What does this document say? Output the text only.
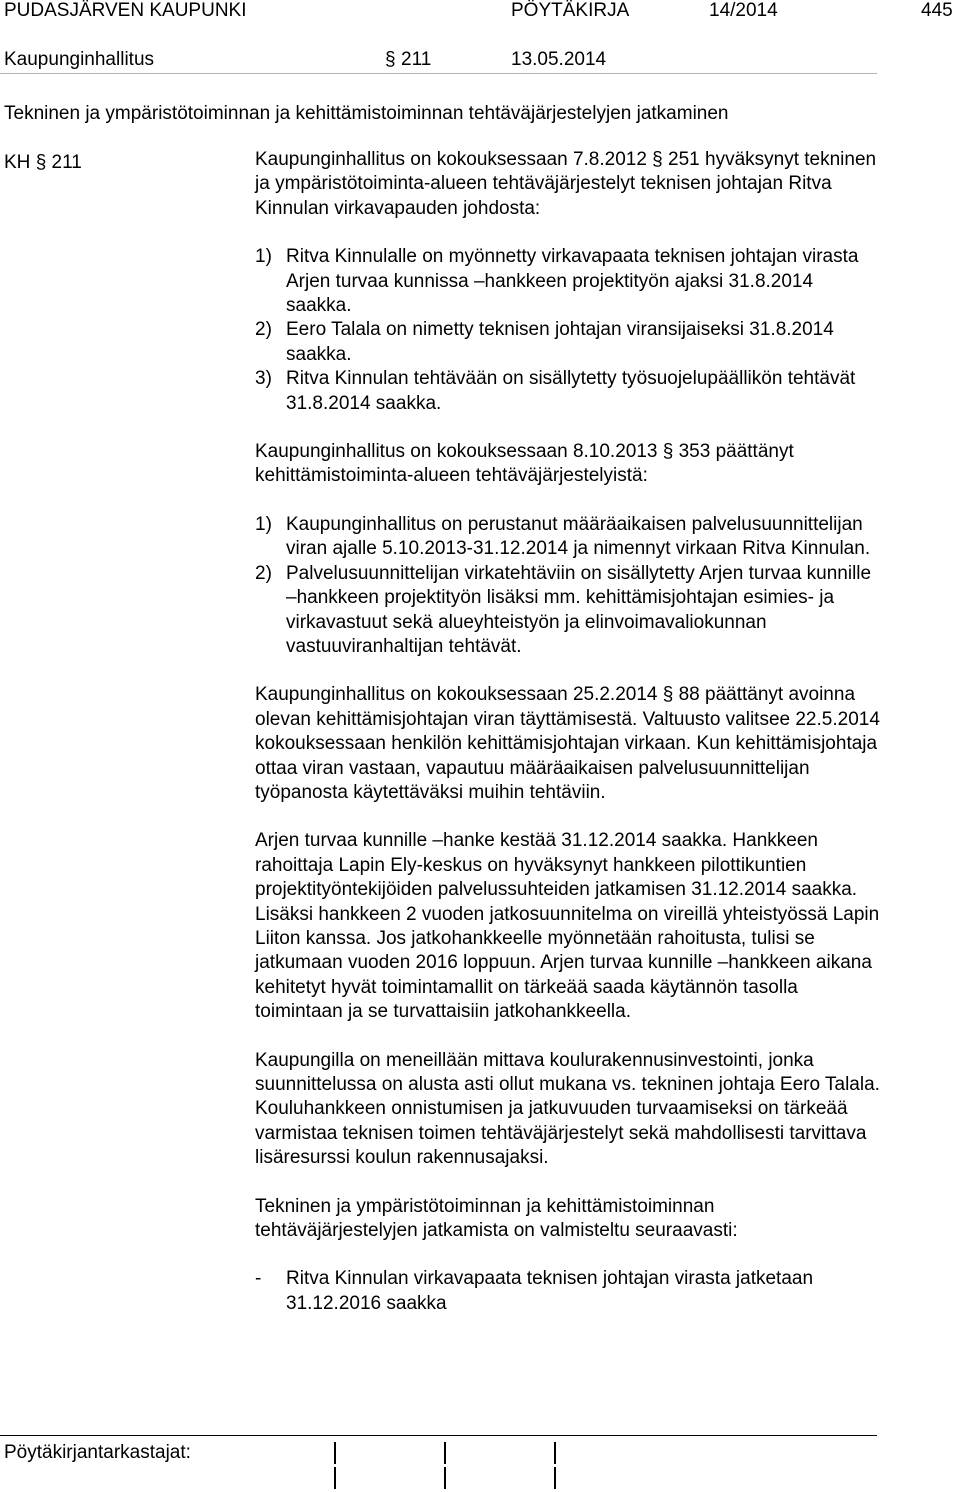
PUDASJÄRVEN KAUPUNKI	PÖYTÄKIRJA	14/2014	445
Kaupunginhallitus	§ 211	13.05.2014
Tekninen ja ympäristötoiminnan ja kehittämistoiminnan tehtäväjärjestelyjen jatkaminen
KH § 211	Kaupunginhallitus on kokouksessaan 7.8.2012 § 251 hyväksynyt tekninen ja ympäristötoiminta-alueen tehtäväjärjestelyt teknisen johtajan Ritva Kinnulan virkavapauden johdosta:

1) Ritva Kinnulalle on myönnetty virkavapaata teknisen johtajan virasta Arjen turvaa kunnissa –hankkeen projektityön ajaksi 31.8.2014 saakka.
2) Eero Talala on nimetty teknisen johtajan viransijaiseksi 31.8.2014 saakka.
3) Ritva Kinnulan tehtävään on sisällytetty työsuojelupäällikön tehtävät 31.8.2014 saakka.

Kaupunginhallitus on kokouksessaan 8.10.2013 § 353 päättänyt kehittämistoiminta-alueen tehtäväjärjestelyistä:

1) Kaupunginhallitus on perustanut määräaikaisen palvelusuunnittelijan viran ajalle 5.10.2013-31.12.2014 ja nimennyt virkaan Ritva Kinnulan.
2) Palvelusuunnittelijan virkatehtäviin on sisällytetty Arjen turvaa kunnille –hankkeen projektityön lisäksi mm. kehittämisjohtajan esimies- ja virkavastuut sekä alueyhteistyön ja elinvoimavaliokunnan vastuuviranhaltijan tehtävät.

Kaupunginhallitus on kokouksessaan 25.2.2014 § 88 päättänyt avoinna olevan kehittämisjohtajan viran täyttämisestä. Valtuusto valitsee 22.5.2014 kokouksessaan henkilön kehittämisjohtajan virkaan. Kun kehittämisjohtaja ottaa viran vastaan, vapautuu määräaikaisen palvelusuunnittelijan työpanosta käytettäväksi muihin tehtäviin.

Arjen turvaa kunnille –hanke kestää 31.12.2014 saakka. Hankkeen rahoittaja Lapin Ely-keskus on hyväksynyt hankkeen pilottikuntien projektityöntekijöiden palvelussuhteiden jatkamisen 31.12.2014 saakka. Lisäksi hankkeen 2 vuoden jatkosuunnitelma on vireillä yhteistyössä Lapin Liiton kanssa. Jos jatkohankkeelle myönnetään rahoitusta, tulisi se jatkumaan vuoden 2016 loppuun. Arjen turvaa kunnille –hankkeen aikana kehitetyt hyvät toimintamallit on tärkeää saada käytännön tasolla toimintaan ja se turvattaisiin jatkohankkeella.

Kaupungilla on meneillään mittava koulurakennusinvestointi, jonka suunnittelussa on alusta asti ollut mukana vs. tekninen johtaja Eero Talala. Kouluhankkeen onnistumisen ja jatkuvuuden turvaamiseksi on tärkeää varmistaa teknisen toimen tehtäväjärjestelyt sekä mahdollisesti tarvittava lisäresurssi koulun rakennusajaksi.

Tekninen ja ympäristötoiminnan ja kehittämistoiminnan tehtäväjärjestelyjen jatkamista on valmisteltu seuraavasti:

-	Ritva Kinnulan virkavapaata teknisen johtajan virasta jatketaan 31.12.2016 saakka
Pöytäkirjantarkastajat:
